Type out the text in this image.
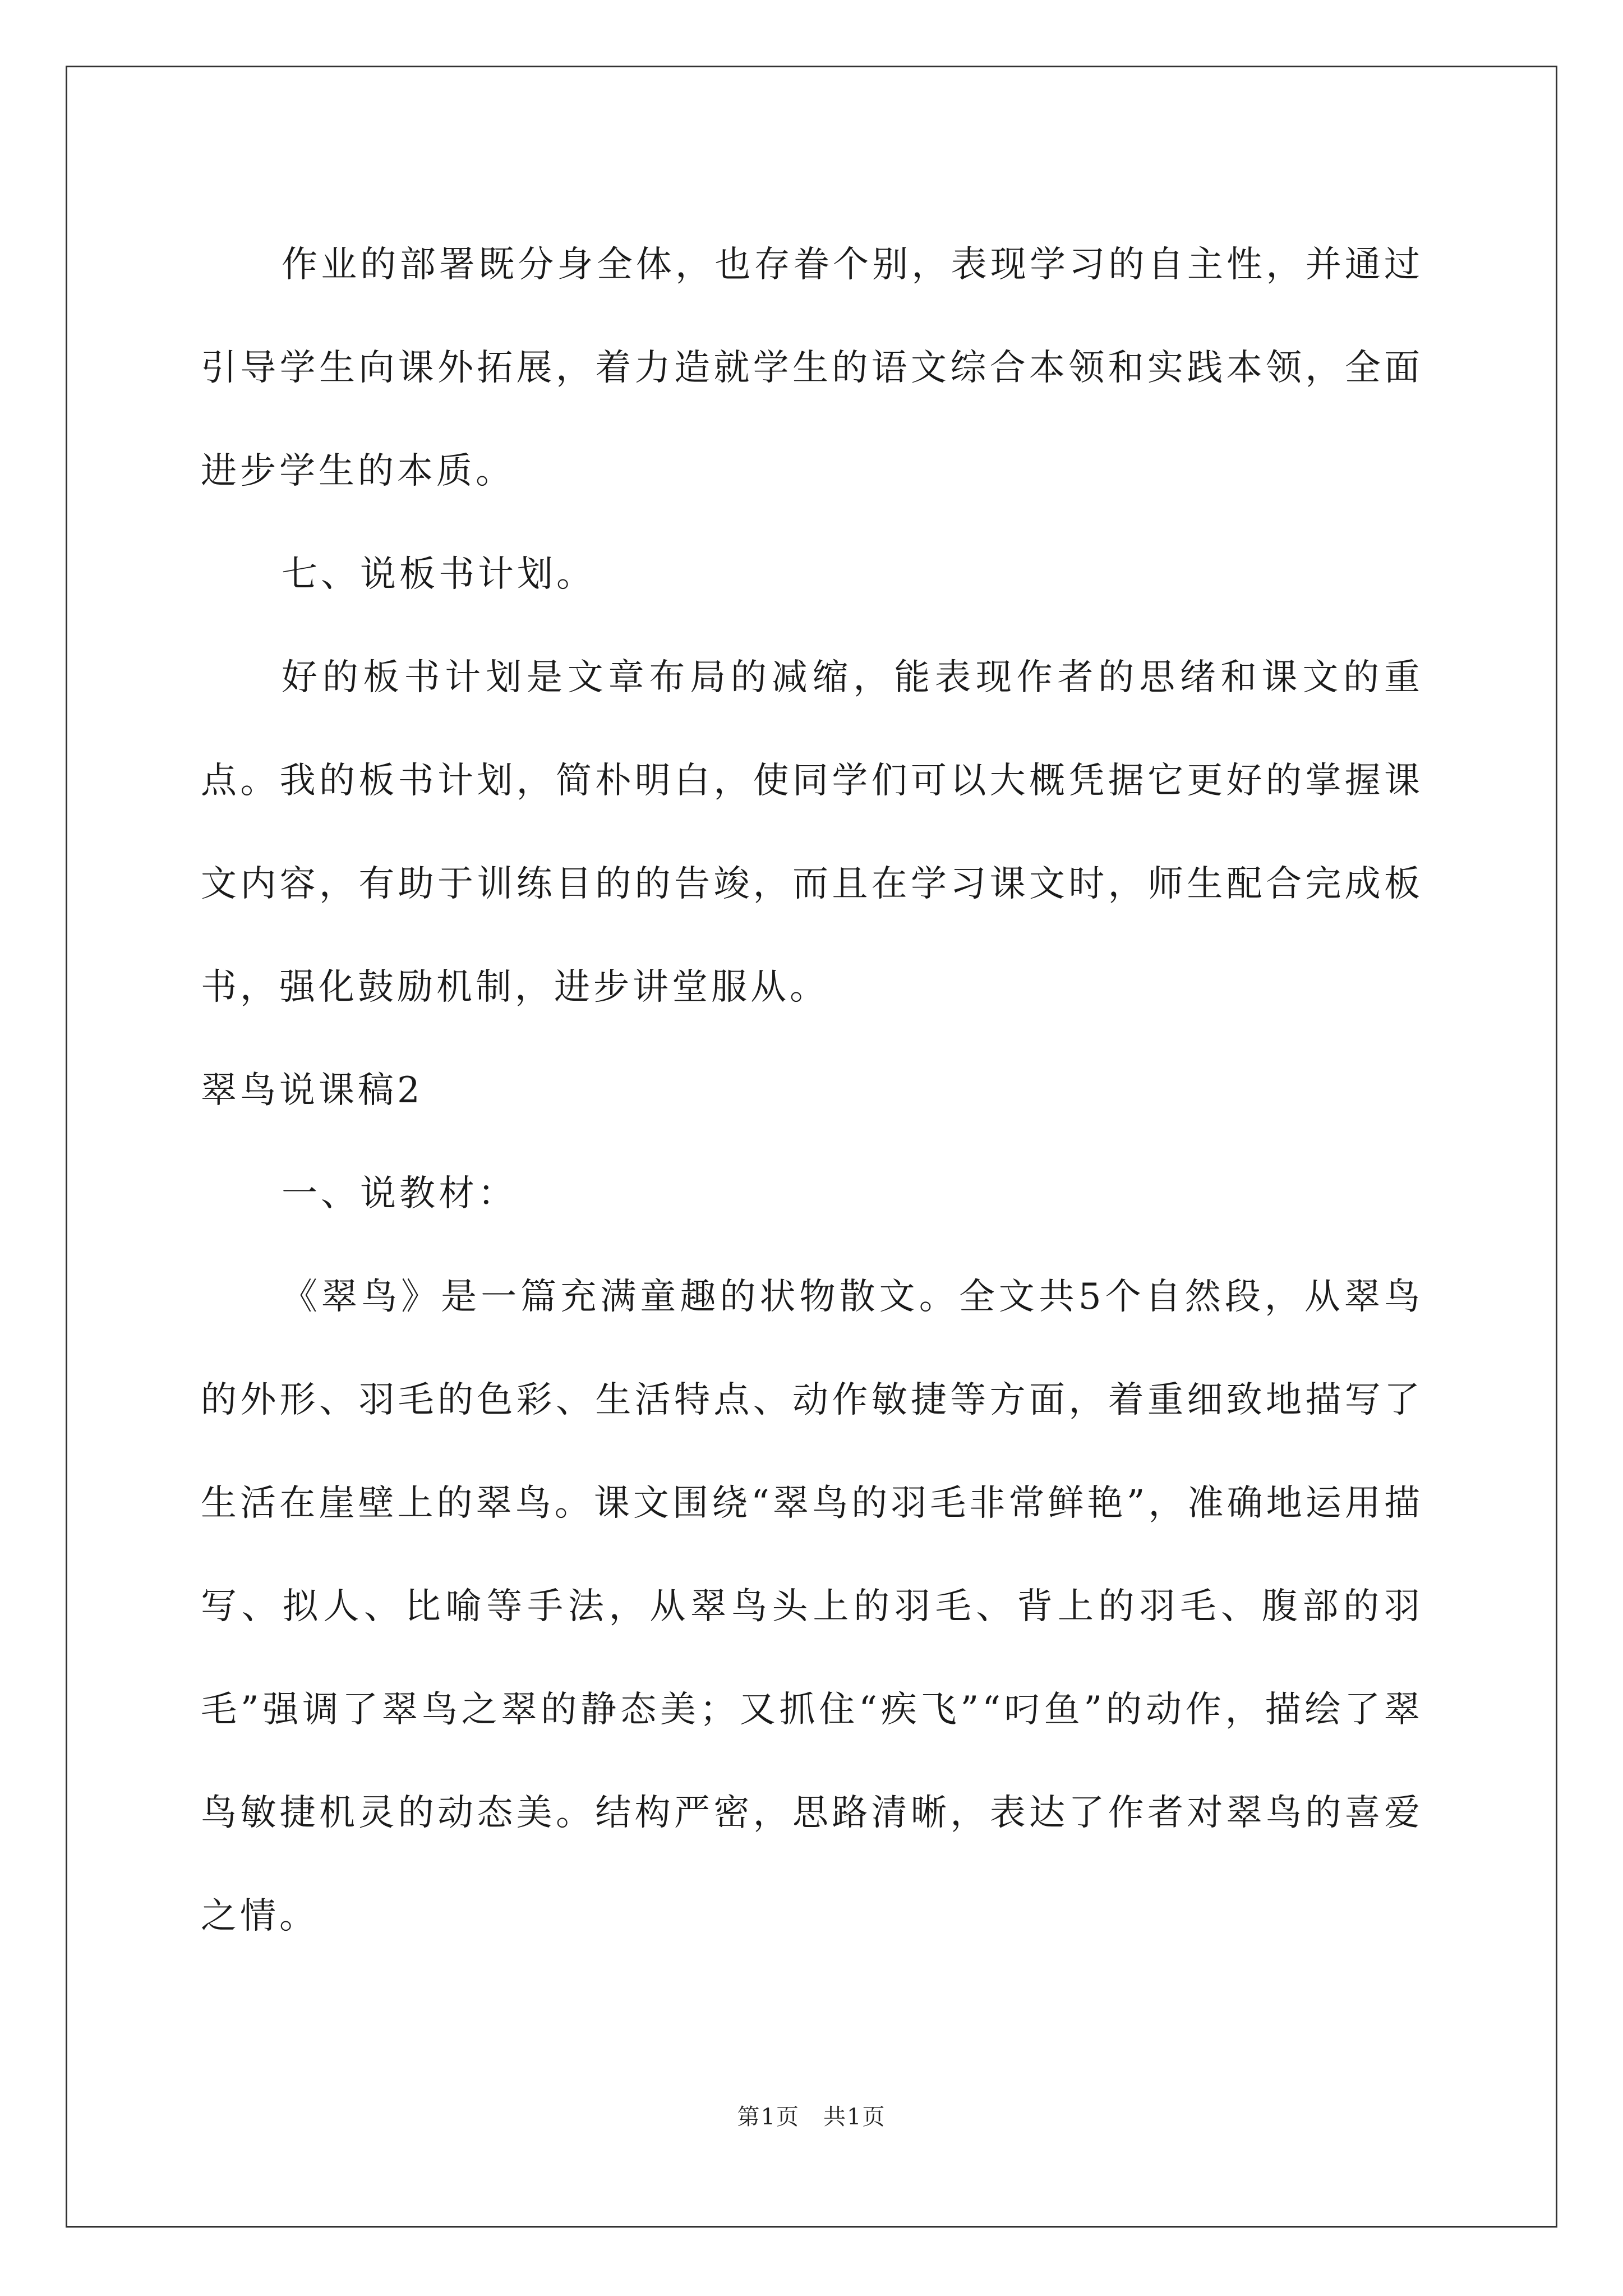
作业的部署既分身全体，也存眷个别，表现学习的自主性，并通过引导学生向课外拓展，着力造就学生的语文综合本领和实践本领，全面进步学生的本质。

七、说板书计划。

好的板书计划是文章布局的减缩，能表现作者的思绪和课文的重点。我的板书计划，简朴明白，使同学们可以大概凭据它更好的掌握课文内容，有助于训练目的的告竣，而且在学习课文时，师生配合完成板书，强化鼓励机制，进步讲堂服从。

翠鸟说课稿2

一、说教材：

《翠鸟》是一篇充满童趣的状物散文。全文共5个自然段，从翠鸟的外形、羽毛的色彩、生活特点、动作敏捷等方面，着重细致地描写了生活在崖壁上的翠鸟。课文围绕“翠鸟的羽毛非常鲜艳”，准确地运用描写、拟人、比喻等手法，从翠鸟头上的羽毛、背上的羽毛、腹部的羽毛”强调了翠鸟之翠的静态美；又抓住“疾飞”“叼鱼”的动作，描绘了翠鸟敏捷机灵的动态美。结构严密，思路清晰，表达了作者对翠鸟的喜爱之情。

第1页　共1页
